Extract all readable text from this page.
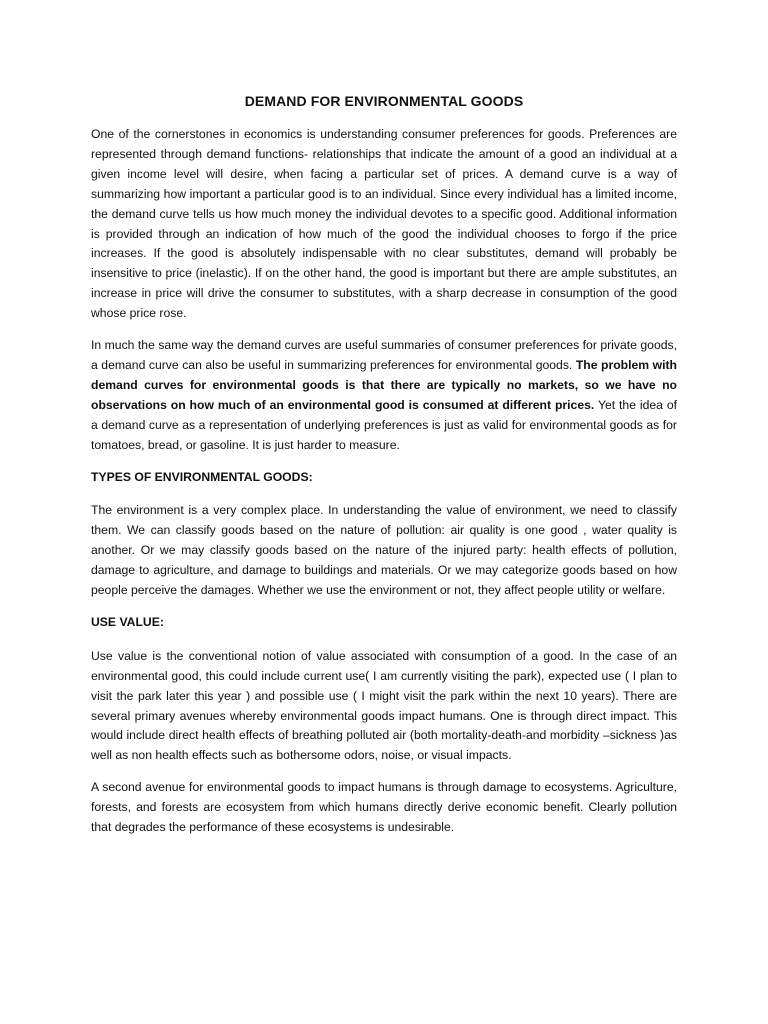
DEMAND FOR ENVIRONMENTAL GOODS

One of the cornerstones in economics is understanding consumer preferences for goods. Preferences are represented through demand functions- relationships that indicate the amount of a good an individual at a given income level will desire, when facing a particular set of prices. A demand curve is a way of summarizing how important a particular good is to an individual. Since every individual has a limited income, the demand curve tells us how much money the individual devotes to a specific good. Additional information is provided through an indication of how much of the good the individual chooses to forgo if the price increases. If the good is absolutely indispensable with no clear substitutes, demand will probably be insensitive to price (inelastic). If on the other hand, the good is important but there are ample substitutes, an increase in price will drive the consumer to substitutes, with a sharp decrease in consumption of the good whose price rose.

In much the same way the demand curves are useful summaries of consumer preferences for private goods, a demand curve can also be useful in summarizing preferences for environmental goods. The problem with demand curves for environmental goods is that there are typically no markets, so we have no observations on how much of an environmental good is consumed at different prices. Yet the idea of a demand curve as a representation of underlying preferences is just as valid for environmental goods as for tomatoes, bread, or gasoline. It is just harder to measure.

TYPES OF ENVIRONMENTAL GOODS:

The environment is a very complex place. In understanding the value of environment, we need to classify them. We can classify goods based on the nature of pollution: air quality is one good , water quality is another. Or we may classify goods based on the nature of the injured party: health effects of pollution, damage to agriculture, and damage to buildings and materials. Or we may categorize goods based on how people perceive the damages. Whether we use the environment or not, they affect people utility or welfare.

USE VALUE:

Use value is the conventional notion of value associated with consumption of a good. In the case of an environmental good, this could include current use( I am currently visiting the park), expected use ( I plan to visit the park later this year ) and possible use ( I might visit the park within the next 10 years). There are several primary avenues whereby environmental goods impact humans. One is through direct impact. This would include direct health effects of breathing polluted air (both mortality-death-and morbidity –sickness )as well as non health effects such as bothersome odors, noise, or visual impacts.

A second avenue for environmental goods to impact humans is through damage to ecosystems. Agriculture, forests, and forests are ecosystem from which humans directly derive economic benefit. Clearly pollution that degrades the performance of these ecosystems is undesirable.
